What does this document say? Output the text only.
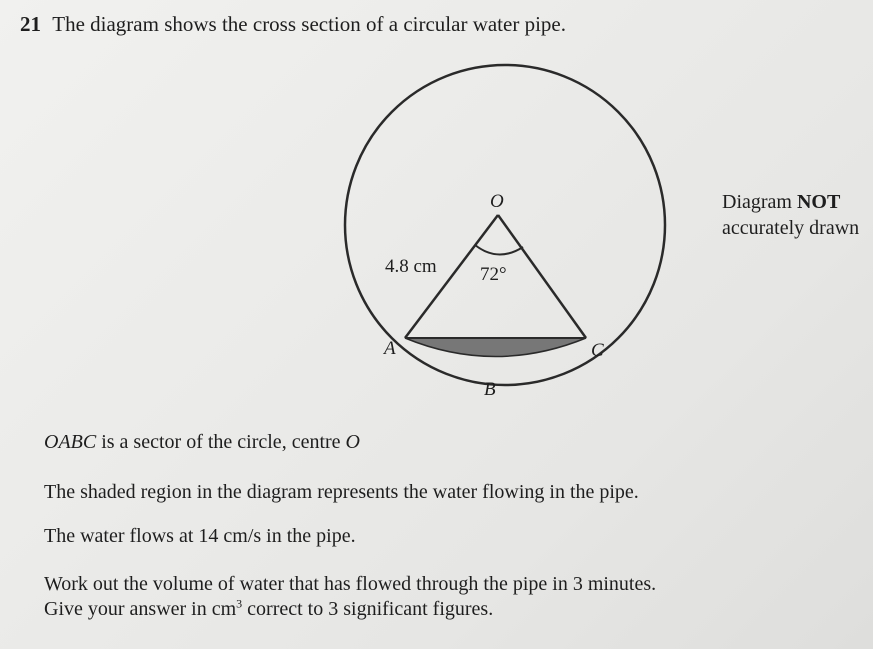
21 The diagram shows the cross section of a circular water pipe.
O
A	C
B
4.8 cm 72°
Diagram NOT
accurately drawn
OABC is a sector of the circle, centre O
The shaded region in the diagram represents the water flowing in the pipe.
The water flows at 14 cm/s in the pipe.
Work out the volume of water that has flowed through the pipe in 3 minutes.
Give your answer in $cm^3$ correct to 3 significant figures.
